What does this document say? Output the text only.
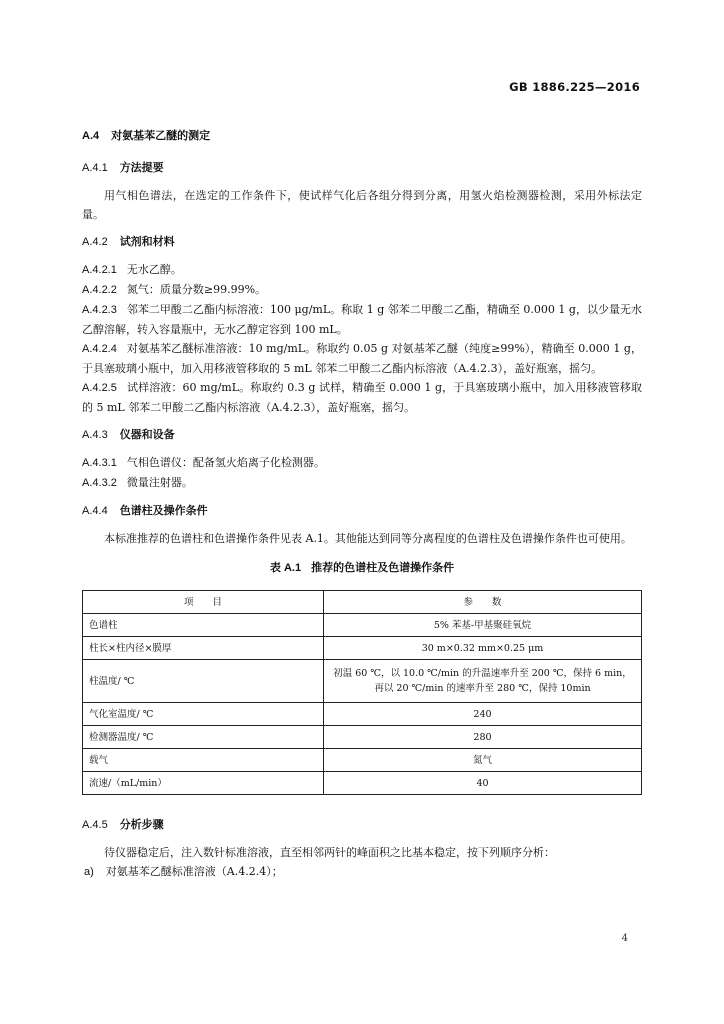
GB 1886.225—2016

A.4 对氨基苯乙醚的测定

A.4.1 方法提要

用气相色谱法，在选定的工作条件下，使试样气化后各组分得到分离，用氢火焰检测器检测，采用外标法定量。

A.4.2 试剂和材料

A.4.2.1 无水乙醇。

A.4.2.2 氮气：质量分数≥99.99%。

A.4.2.3 邻苯二甲酸二乙酯内标溶液：100 μg/mL。称取 1 g 邻苯二甲酸二乙酯，精确至 0.000 1 g，以少量无水乙醇溶解，转入容量瓶中，无水乙醇定容到 100 mL。

A.4.2.4 对氨基苯乙醚标准溶液：10 mg/mL。称取约 0.05 g 对氨基苯乙醚（纯度≥99%），精确至 0.000 1 g，于具塞玻璃小瓶中，加入用移液管移取的 5 mL 邻苯二甲酸二乙酯内标溶液（A.4.2.3），盖好瓶塞，摇匀。

A.4.2.5 试样溶液：60 mg/mL。称取约 0.3 g 试样，精确至 0.000 1 g，于具塞玻璃小瓶中，加入用移液管移取的 5 mL 邻苯二甲酸二乙酯内标溶液（A.4.2.3），盖好瓶塞，摇匀。

A.4.3 仪器和设备

A.4.3.1 气相色谱仪：配备氢火焰离子化检测器。

A.4.3.2 微量注射器。

A.4.4 色谱柱及操作条件

本标准推荐的色谱柱和色谱操作条件见表 A.1。其他能达到同等分离程度的色谱柱及色谱操作条件也可使用。

表 A.1 推荐的色谱柱及色谱操作条件

项　　目	参　　数
色谱柱	5% 苯基-甲基聚硅氧烷
柱长×柱内径×膜厚	30 m×0.32 mm×0.25 μm
柱温度/ ℃	初温 60 ℃，以 10.0 ℃/min 的升温速率升至 200 ℃，保持 6 min，再以 20 ℃/min 的速率升至 280 ℃，保持 10min
气化室温度/ ℃	240
检测器温度/ ℃	280
载气	氮气
流速/（mL/min）	40

A.4.5 分析步骤

待仪器稳定后，注入数针标准溶液，直至相邻两针的峰面积之比基本稳定，按下列顺序分析：

a) 对氨基苯乙醚标准溶液（A.4.2.4）；

4
